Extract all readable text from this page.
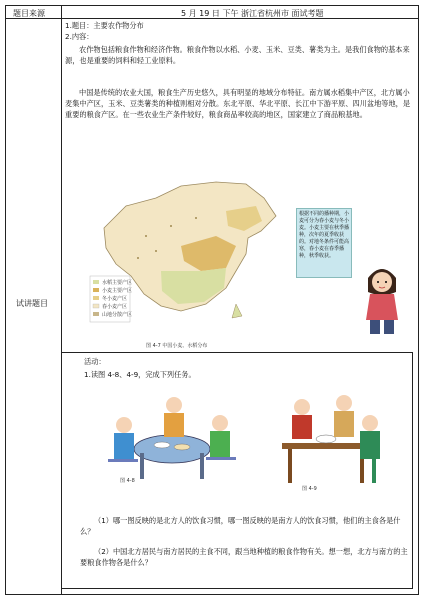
题目来源	5 月 19 日 下午 浙江省杭州市 面试考题
试讲题目
1.题目：主要农作物分布
2.内容：
农作物包括粮食作物和经济作物。粮食作物以水稻、小麦、玉米、豆类、薯类为主。是我们食物的基本来源，也是重要的饲料和轻工业原料。
中国是传统的农业大国，粮食生产历史悠久，具有明显的地域分布特征。南方属水稻集中产区，北方属小麦集中产区，玉米、豆类薯类的种植则相对分散。东北平原、华北平原、长江中下游平原、四川盆地等地，是重要的粮食产区。在一些农业生产条件较好，粮食商品率较高的地区，国家建立了商品粮基地。
水稻主要产区
小麦主要产区
冬小麦产区
春小麦产区
山地分散产区
根据不同的播种期，小麦可分为春小麦与冬小麦。小麦主要在秋季播种，次年的夏季收获的。对地冬条件可能高寒，春小麦在春季播种，秋季收获。
图 4-7 中国小麦、水稻分布
活动：
1.读图 4-8、4-9，完成下列任务。
图 4-8
图 4-9
（1）哪一图反映的是北方人的饮食习惯，哪一图反映的是南方人的饮食习惯，他们的主食各是什么？
（2）中国北方居民与南方居民的主食不同，跟当地种植的粮食作物有关。想一想，北方与南方的主要粮食作物各是什么？
